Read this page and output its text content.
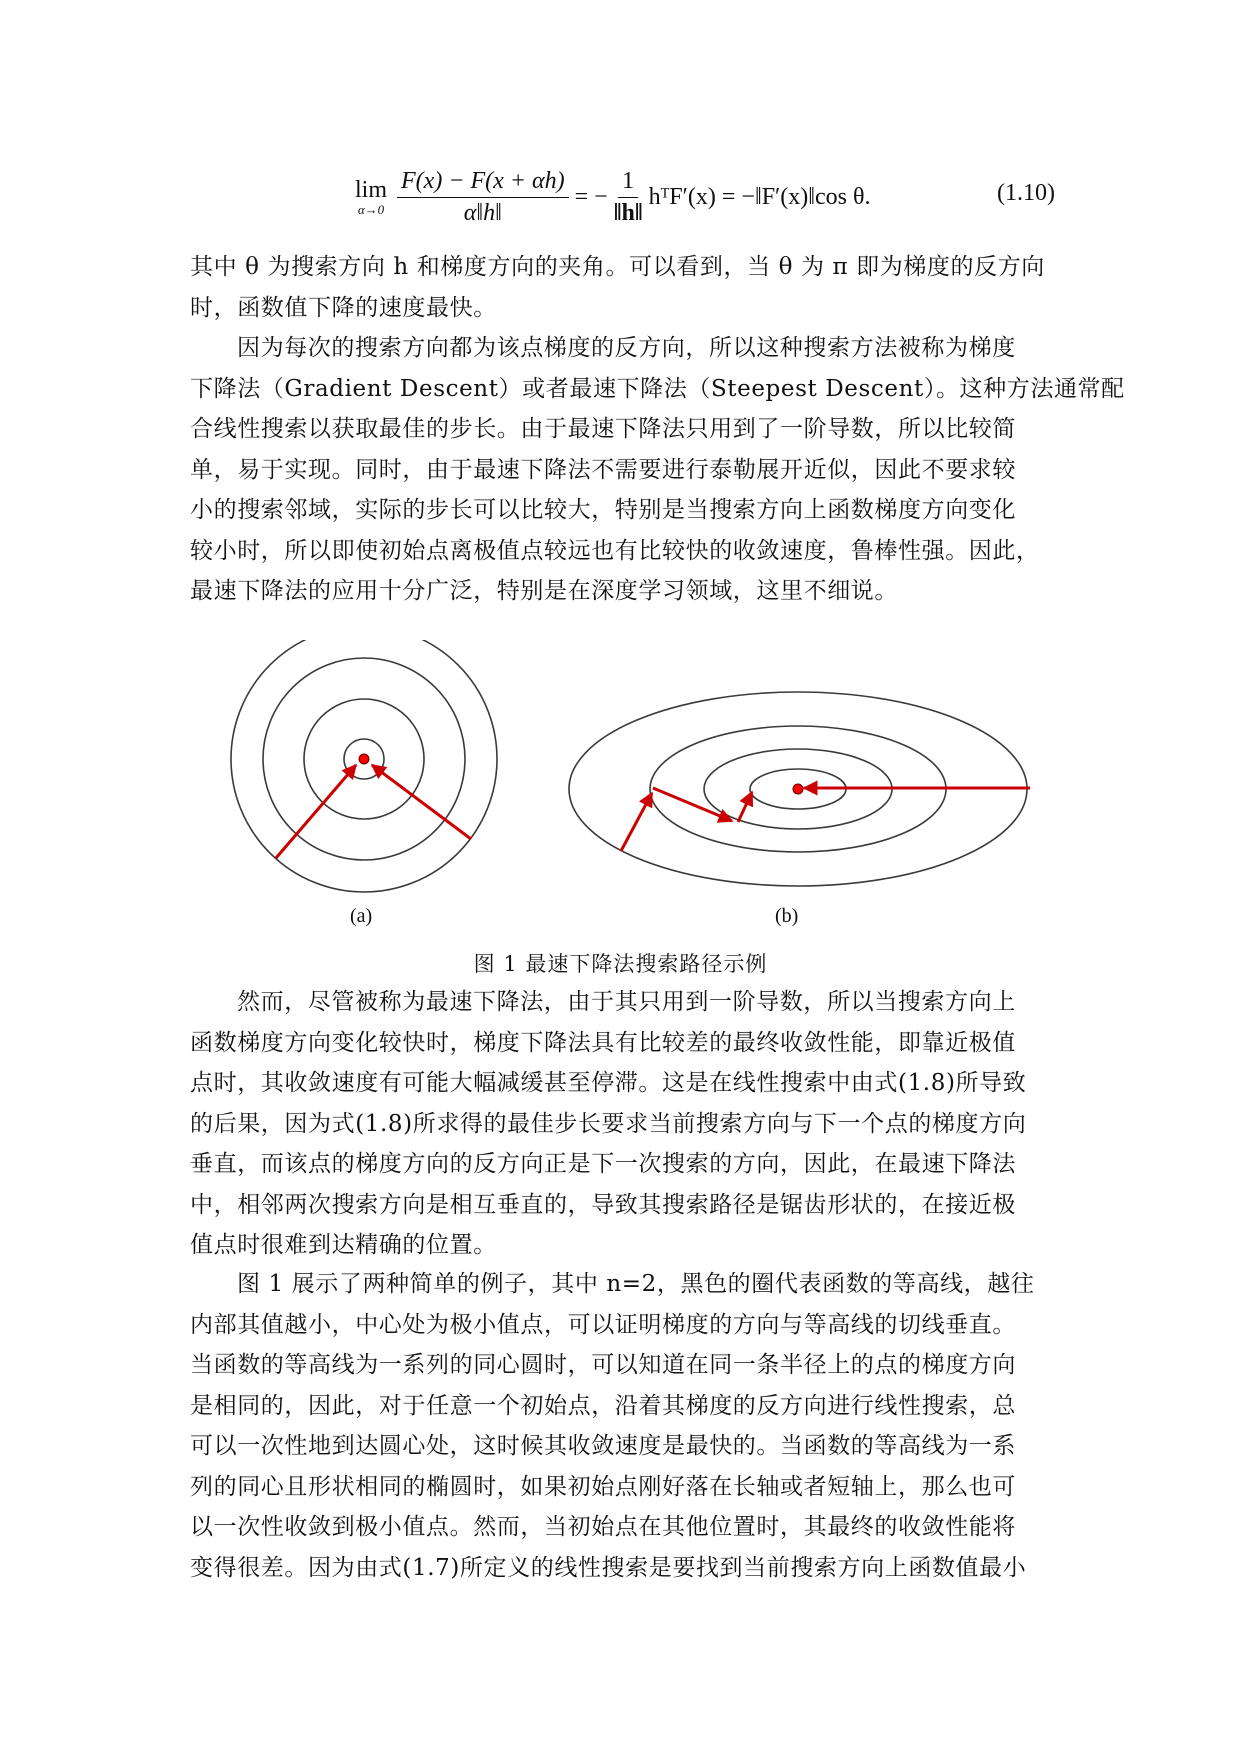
lim
$\alpha\to 0 \frac{F(x) - F(x + \alpha h)}{\alpha‖h‖}$ = − $\frac{1}{‖h‖}$ hᵀF′(x) = −‖F′(x)‖cos θ.	(1.10)
其中 θ 为搜索方向 h 和梯度方向的夹角。可以看到，当 θ 为 π 即为梯度的反方向
时，函数值下降的速度最快。
因为每次的搜索方向都为该点梯度的反方向，所以这种搜索方法被称为梯度
下降法（Gradient Descent）或者最速下降法（Steepest Descent）。这种方法通常配
合线性搜索以获取最佳的步长。由于最速下降法只用到了一阶导数，所以比较简
单，易于实现。同时，由于最速下降法不需要进行泰勒展开近似，因此不要求较
小的搜索邻域，实际的步长可以比较大，特别是当搜索方向上函数梯度方向变化
较小时，所以即使初始点离极值点较远也有比较快的收敛速度，鲁棒性强。因此，
最速下降法的应用十分广泛，特别是在深度学习领域，这里不细说。
(a)	(b)
图 1 最速下降法搜索路径示例
然而，尽管被称为最速下降法，由于其只用到一阶导数，所以当搜索方向上
函数梯度方向变化较快时，梯度下降法具有比较差的最终收敛性能，即靠近极值
点时，其收敛速度有可能大幅减缓甚至停滞。这是在线性搜索中由式(1.8)所导致
的后果，因为式(1.8)所求得的最佳步长要求当前搜索方向与下一个点的梯度方向
垂直，而该点的梯度方向的反方向正是下一次搜索的方向，因此，在最速下降法
中，相邻两次搜索方向是相互垂直的，导致其搜索路径是锯齿形状的，在接近极
值点时很难到达精确的位置。
图 1 展示了两种简单的例子，其中 n=2，黑色的圈代表函数的等高线，越往
内部其值越小，中心处为极小值点，可以证明梯度的方向与等高线的切线垂直。
当函数的等高线为一系列的同心圆时，可以知道在同一条半径上的点的梯度方向
是相同的，因此，对于任意一个初始点，沿着其梯度的反方向进行线性搜索，总
可以一次性地到达圆心处，这时候其收敛速度是最快的。当函数的等高线为一系
列的同心且形状相同的椭圆时，如果初始点刚好落在长轴或者短轴上，那么也可
以一次性收敛到极小值点。然而，当初始点在其他位置时，其最终的收敛性能将
变得很差。因为由式(1.7)所定义的线性搜索是要找到当前搜索方向上函数值最小
